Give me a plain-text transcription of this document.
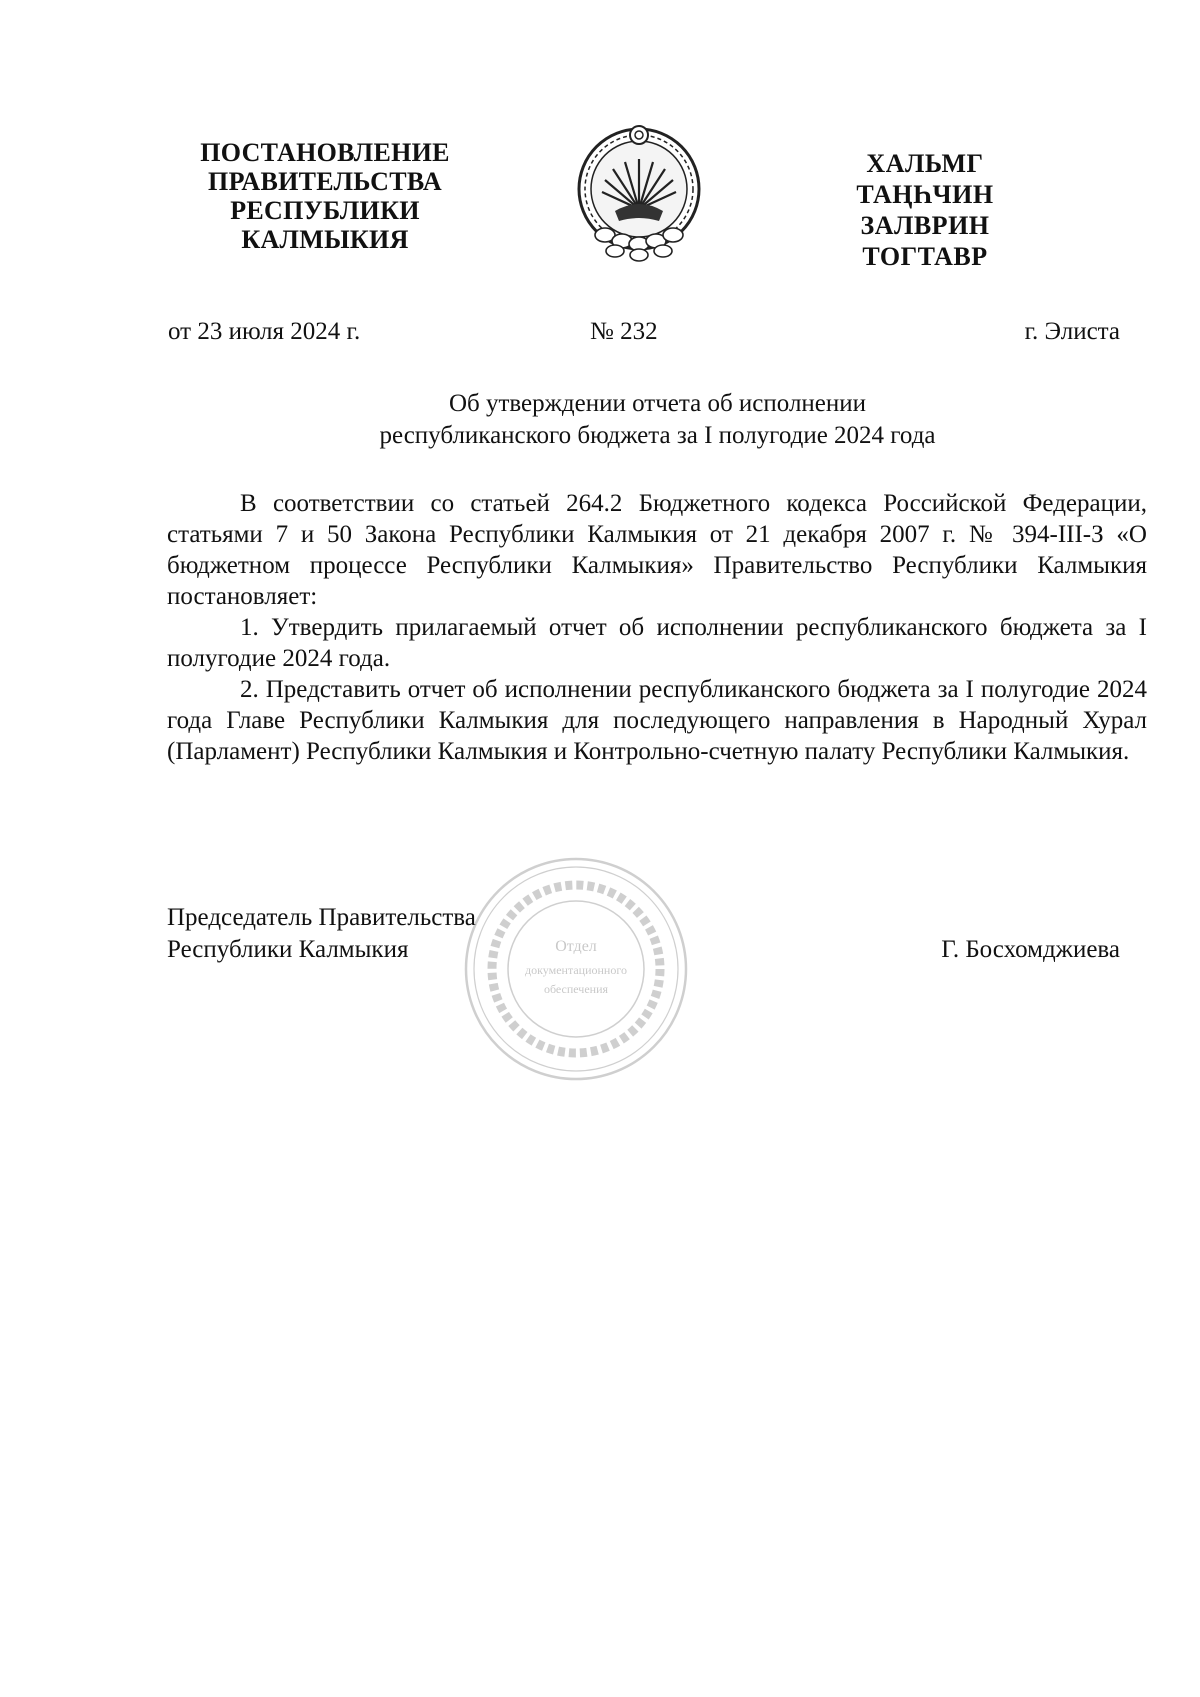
ПОСТАНОВЛЕНИЕ
ПРАВИТЕЛЬСТВА
РЕСПУБЛИКИ
КАЛМЫКИЯ
ХАЛЬМГ
ТАҢҺЧИН
ЗАЛВРИН
ТОГТАВР
от 23 июля 2024 г.	№ 232	г. Элиста
Об утверждении отчета об исполнении
республиканского бюджета за I полугодие 2024 года

В соответствии со статьей 264.2 Бюджетного кодекса Российской Федерации, статьями 7 и 50 Закона Республики Калмыкия от 21 декабря 2007 г. № 394-III-З «О бюджетном процессе Республики Калмыкия» Правительство Республики Калмыкия постановляет:

1. Утвердить прилагаемый отчет об исполнении республиканского бюджета за I полугодие 2024 года.

2. Представить отчет об исполнении республиканского бюджета за I полугодие 2024 года Главе Республики Калмыкия для последующего направления в Народный Хурал (Парламент) Республики Калмыкия и Контрольно-счетную палату Республики Калмыкия.

Председатель Правительства
Республики Калмыкия	Отдел
документационного
обеспечения
Г. Босхомджиева
